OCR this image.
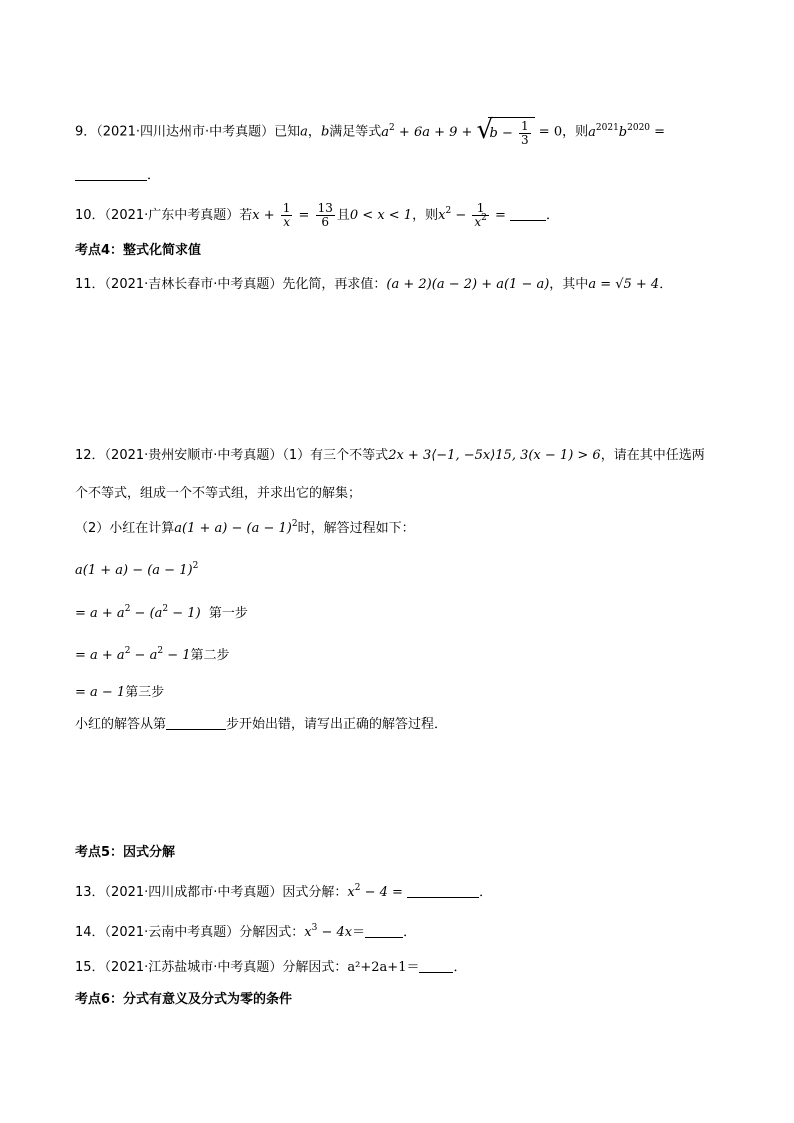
9．（2021·四川达州市·中考真题）已知a，b满足等式$a^2 + 6a + 9$ + √
$b - \frac{1}{3} = 0$，则$a^{2021}b^{2020}$ =
．
10．（2021·广东中考真题）若$x + \frac{1}{x} = \frac{13}{6}$ 且0 < x < 1，则$x^2 - \frac{1}{x^2}$ =	．
考点4：整式化简求值
11．（2021·吉林长春市·中考真题）先化简，再求值：(a + 2)(a − 2) + a(1 − a)，其中a = √5 + 4．
12．（2021·贵州安顺市·中考真题）（1）有三个不等式2x + 3⟨−1, −5x⟩15, 3(x − 1) > 6，请在其中任选两
个不等式，组成一个不等式组，并求出它的解集；
（2）小红在计算$a(1 + a) - (a - 1)^2$时，解答过程如下：
$a(1 + a) - (a - 1)^2$
= $a + a^2 - (a^2 - 1)$ 第一步
= $a + a^2 - a^2 - 1$第二步
= a − 1第三步
小红的解答从第	步开始出错，请写出正确的解答过程．
考点5：因式分解
13．（2021·四川成都市·中考真题）因式分解：$x^2 - 4$ =	．
14．（2021·云南中考真题）分解因式：$x^3 - 4x=$	．
15．（2021·江苏盐城市·中考真题）分解因式：a²+2a+1＝	．
考点6：分式有意义及分式为零的条件
